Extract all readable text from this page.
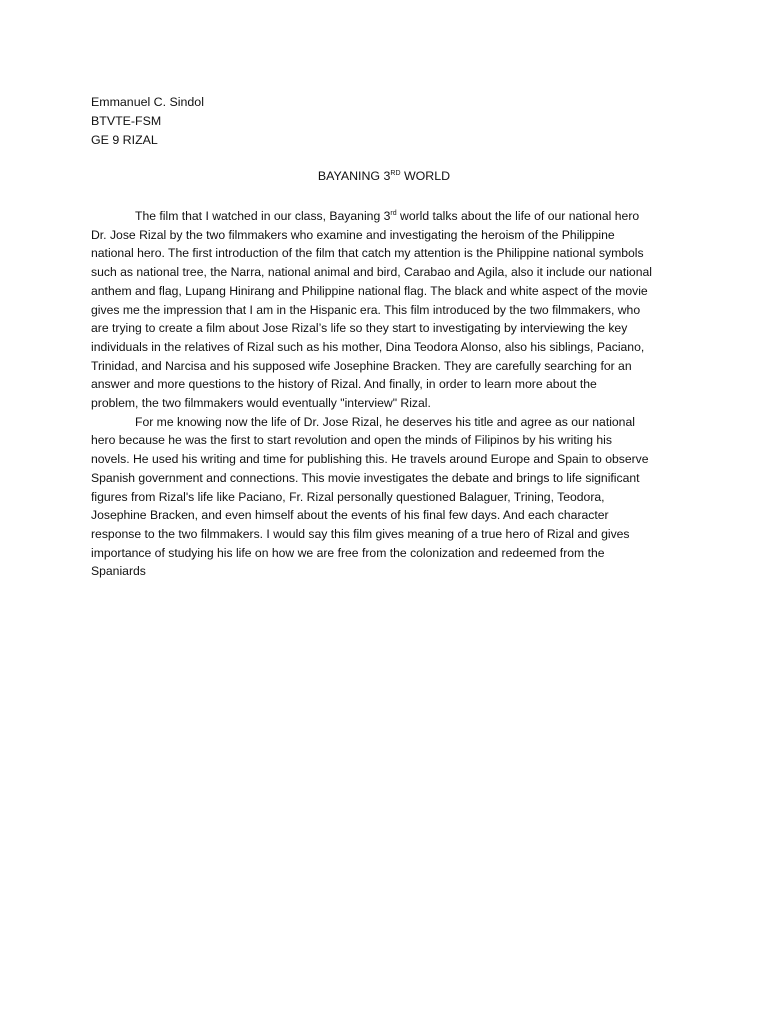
Emmanuel C. Sindol
BTVTE-FSM
GE 9 RIZAL
BAYANING 3RD WORLD

The film that I watched in our class, Bayaning 3rd world talks about the life of our national hero
Dr. Jose Rizal by the two filmmakers who examine and investigating the heroism of the Philippine
national hero. The first introduction of the film that catch my attention is the Philippine national symbols
such as national tree, the Narra, national animal and bird, Carabao and Agila, also it include our national
anthem and flag, Lupang Hinirang and Philippine national flag. The black and white aspect of the movie
gives me the impression that I am in the Hispanic era. This film introduced by the two filmmakers, who
are trying to create a film about Jose Rizal’s life so they start to investigating by interviewing the key
individuals in the relatives of Rizal such as his mother, Dina Teodora Alonso, also his siblings, Paciano,
Trinidad, and Narcisa and his supposed wife Josephine Bracken. They are carefully searching for an
answer and more questions to the history of Rizal. And finally, in order to learn more about the
problem, the two filmmakers would eventually "interview" Rizal.

For me knowing now the life of Dr. Jose Rizal, he deserves his title and agree as our national
hero because he was the first to start revolution and open the minds of Filipinos by his writing his
novels. He used his writing and time for publishing this. He travels around Europe and Spain to observe
Spanish government and connections. This movie investigates the debate and brings to life significant
figures from Rizal's life like Paciano, Fr. Rizal personally questioned Balaguer, Trining, Teodora,
Josephine Bracken, and even himself about the events of his final few days. And each character
response to the two filmmakers. I would say this film gives meaning of a true hero of Rizal and gives
importance of studying his life on how we are free from the colonization and redeemed from the
Spaniards
